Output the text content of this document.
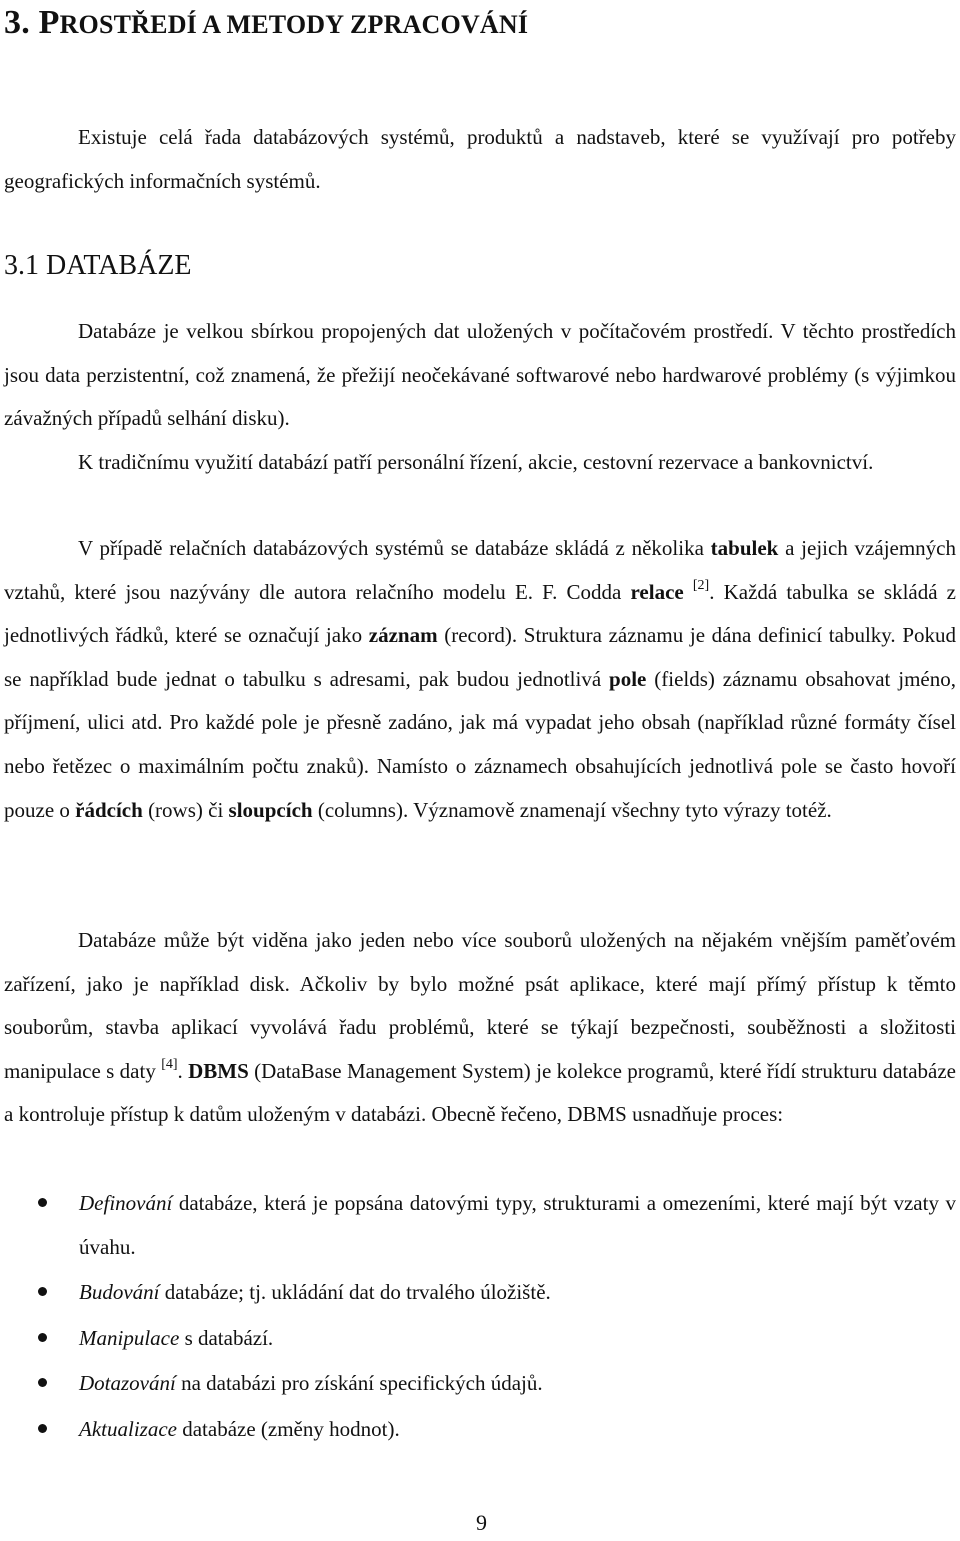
3. PROSTŘEDÍ A METODY ZPRACOVÁNÍ

Existuje celá řada databázových systémů, produktů a nadstaveb, které se využívají pro potřeby geografických informačních systémů.

3.1 DATABÁZE

Databáze je velkou sbírkou propojených dat uložených v počítačovém prostředí. V těchto prostředích jsou data perzistentní, což znamená, že přežijí neočekávané softwarové nebo hardwarové problémy (s výjimkou závažných případů selhání disku).

K tradičnímu využití databází patří personální řízení, akcie, cestovní rezervace a bankovnictví.

V případě relačních databázových systémů se databáze skládá z několika tabulek a jejich vzájemných vztahů, které jsou nazývány dle autora relačního modelu E. F. Codda relace [2]. Každá tabulka se skládá z jednotlivých řádků, které se označují jako záznam (record). Struktura záznamu je dána definicí tabulky. Pokud se například bude jednat o tabulku s adresami, pak budou jednotlivá pole (fields) záznamu obsahovat jméno, příjmení, ulici atd. Pro každé pole je přesně zadáno, jak má vypadat jeho obsah (například různé formáty čísel nebo řetězec o maximálním počtu znaků). Namísto o záznamech obsahujících jednotlivá pole se často hovoří pouze o řádcích (rows) či sloupcích (columns). Významově znamenají všechny tyto výrazy totéž.

Databáze může být viděna jako jeden nebo více souborů uložených na nějakém vnějším paměťovém zařízení, jako je například disk. Ačkoliv by bylo možné psát aplikace, které mají přímý přístup k těmto souborům, stavba aplikací vyvolává řadu problémů, které se týkají bezpečnosti, souběžnosti a složitosti manipulace s daty [4]. DBMS (DataBase Management System) je kolekce programů, které řídí strukturu databáze a kontroluje přístup k datům uloženým v databázi. Obecně řečeno, DBMS usnadňuje proces:

Definování databáze, která je popsána datovými typy, strukturami a omezeními, které mají být vzaty v úvahu.
Budování databáze; tj. ukládání dat do trvalého úložiště.
Manipulace s databází.
Dotazování na databázi pro získání specifických údajů.
Aktualizace databáze (změny hodnot).
9
